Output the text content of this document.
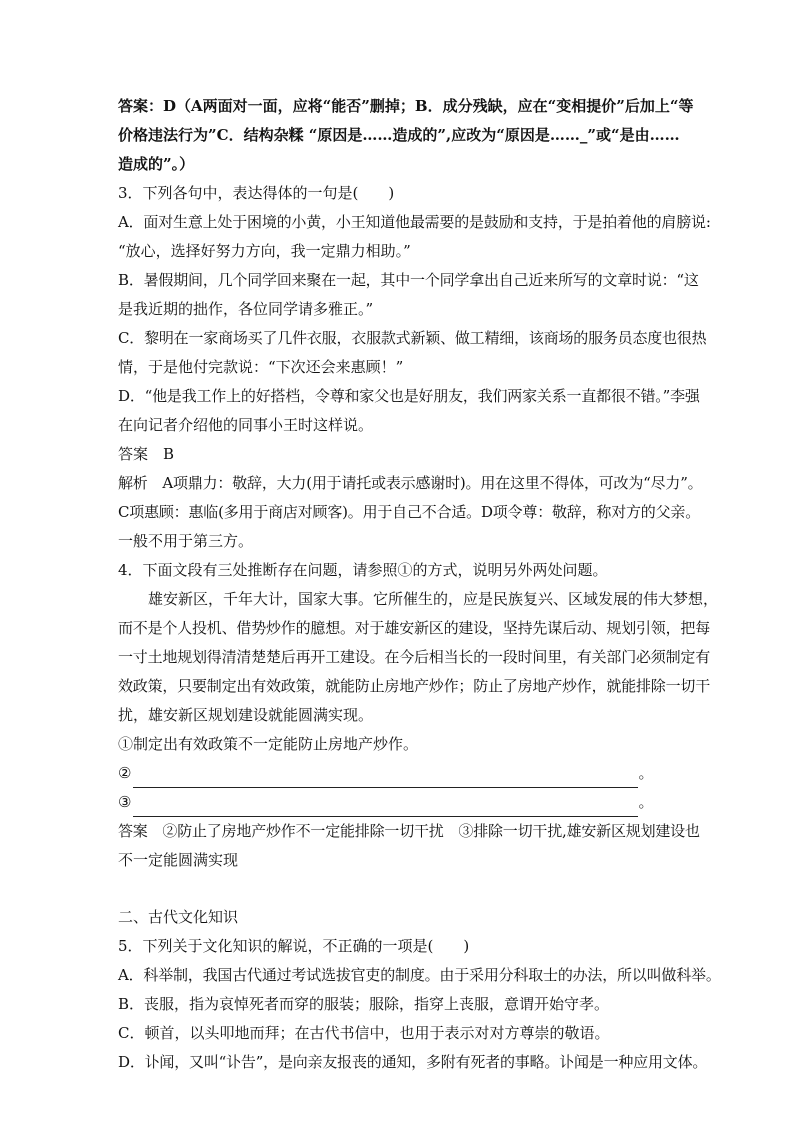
答案：D（A两面对一面，应将“能否”删掉；B．成分残缺，应在“变相提价”后加上“等
价格违法行为”C．结构杂糅 “原因是……造成的”,应改为“原因是……_”或“是由……
造成的”。）
3．下列各句中，表达得体的一句是(　　)
A．面对生意上处于困境的小黄，小王知道他最需要的是鼓励和支持，于是拍着他的肩膀说:
“放心，选择好努力方向，我一定鼎力相助。”
B．暑假期间，几个同学回来聚在一起，其中一个同学拿出自己近来所写的文章时说：“这
是我近期的拙作，各位同学请多雅正。”
C．黎明在一家商场买了几件衣服，衣服款式新颖、做工精细，该商场的服务员态度也很热
情，于是他付完款说：“下次还会来惠顾！”
D．“他是我工作上的好搭档，令尊和家父也是好朋友，我们两家关系一直都很不错。”李强
在向记者介绍他的同事小王时这样说。
答案　B
解析　A项鼎力：敬辞，大力(用于请托或表示感谢时)。用在这里不得体，可改为“尽力”。
C项惠顾：惠临(多用于商店对顾客)。用于自己不合适。D项令尊：敬辞，称对方的父亲。
一般不用于第三方。
4．下面文段有三处推断存在问题，请参照①的方式，说明另外两处问题。
雄安新区，千年大计，国家大事。它所催生的，应是民族复兴、区域发展的伟大梦想，
而不是个人投机、借势炒作的臆想。对于雄安新区的建设，坚持先谋后动、规划引领，把每
一寸土地规划得清清楚楚后再开工建设。在今后相当长的一段时间里，有关部门必须制定有
效政策，只要制定出有效政策，就能防止房地产炒作；防止了房地产炒作，就能排除一切干
扰，雄安新区规划建设就能圆满实现。
①制定出有效政策不一定能防止房地产炒作。
②	。
③	。
答案　②防止了房地产炒作不一定能排除一切干扰　③排除一切干扰,雄安新区规划建设也
不一定能圆满实现
二、古代文化知识
5．下列关于文化知识的解说，不正确的一项是(　　)
A．科举制，我国古代通过考试选拔官吏的制度。由于采用分科取士的办法，所以叫做科举。
B．丧服，指为哀悼死者而穿的服装；服除，指穿上丧服，意谓开始守孝。
C．顿首，以头叩地而拜；在古代书信中，也用于表示对对方尊崇的敬语。
D．讣闻，又叫“讣告”，是向亲友报丧的通知，多附有死者的事略。讣闻是一种应用文体。
